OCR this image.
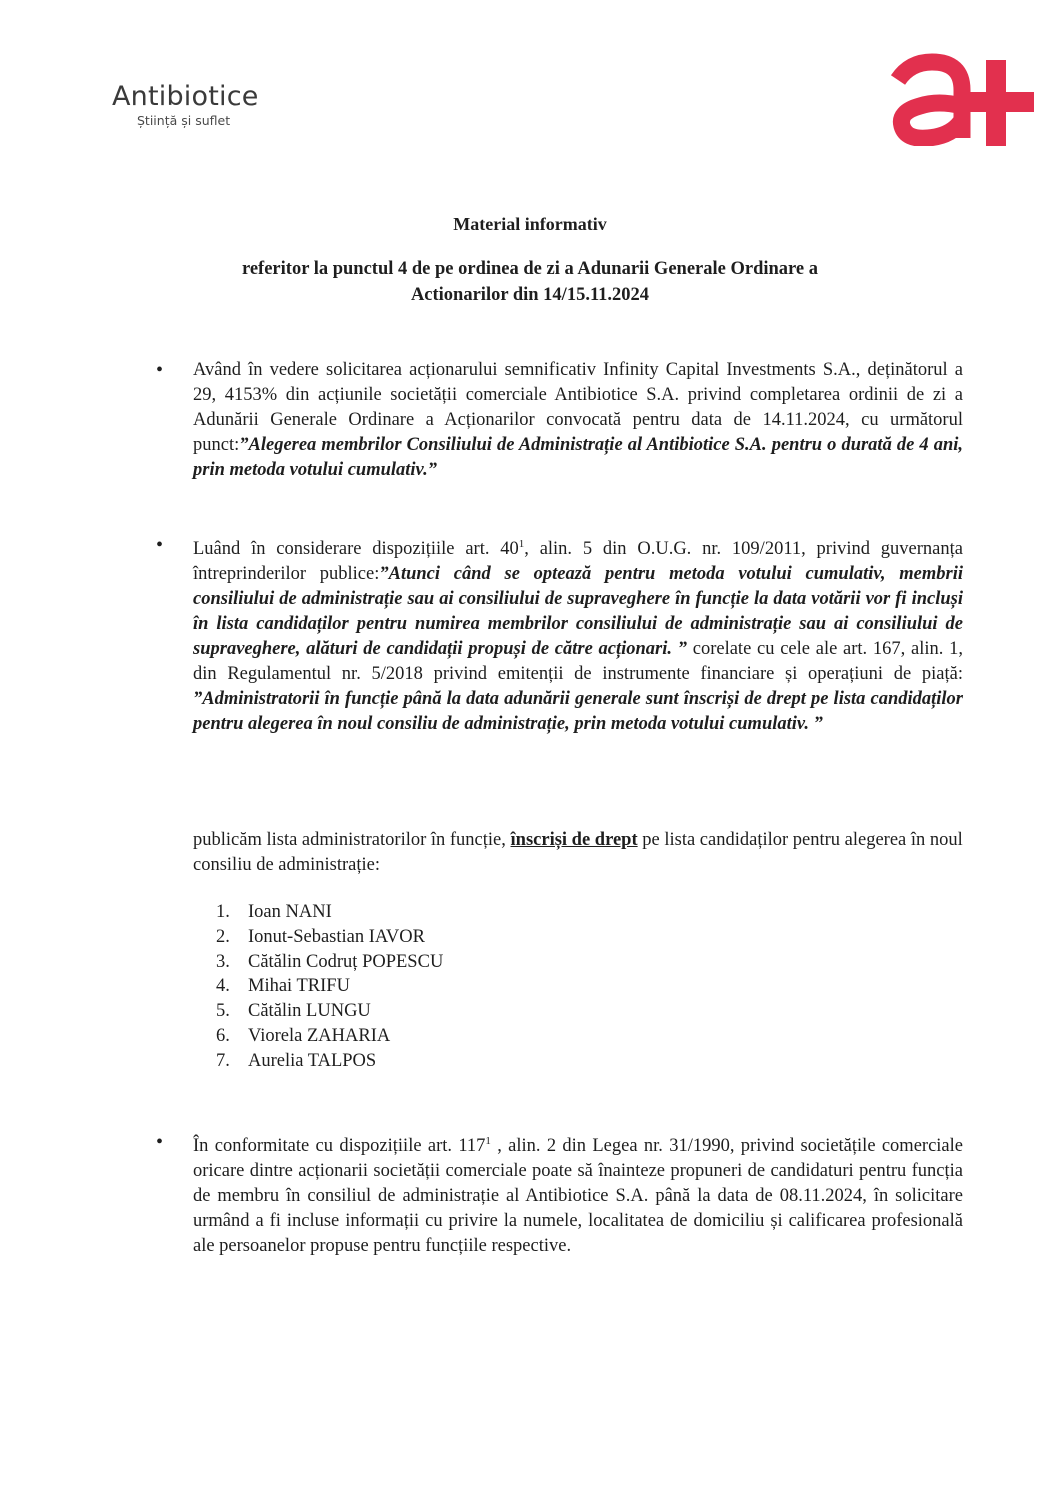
Antibiotice
Știință și suflet
Material informativ
referitor la punctul 4 de pe ordinea de zi a Adunarii Generale Ordinare a
Actionarilor din 14/15.11.2024
• Având în vedere solicitarea acționarului semnificativ Infinity Capital Investments S.A., deținătorul a 29, 4153% din acțiunile societății comerciale Antibiotice S.A. privind completarea ordinii de zi a Adunării Generale Ordinare a Acționarilor convocată pentru data de 14.11.2024, cu următorul punct:”Alegerea membrilor Consiliului de Administrație al Antibiotice S.A. pentru o durată de 4 ani, prin metoda votului cumulativ.”
• Luând în considerare dispozițiile art. $40^1$, alin. 5 din O.U.G. nr. 109/2011, privind guvernanța întreprinderilor publice:”Atunci când se optează pentru metoda votului cumulativ, membrii consiliului de administrație sau ai consiliului de supraveghere în funcție la data votării vor fi incluși în lista candidaților pentru numirea membrilor consiliului de administrație sau ai consiliului de supraveghere, alături de candidații propuși de către acționari. ” corelate cu cele ale art. 167, alin. 1, din Regulamentul nr. 5/2018 privind emitenții de instrumente financiare și operațiuni de piață: ”Administratorii în funcție până la data adunării generale sunt înscriși de drept pe lista candidaților pentru alegerea în noul consiliu de administrație, prin metoda votului cumulativ. ”
publicăm lista administratorilor în funcție, înscriși de drept pe lista candidaților pentru alegerea în noul consiliu de administrație:
1. Ioan NANI
2. Ionut-Sebastian IAVOR
3. Cătălin Codruț POPESCU
4. Mihai TRIFU
5. Cătălin LUNGU
6. Viorela ZAHARIA
7. Aurelia TALPOS
• În conformitate cu dispozițiile art. $117^1$ , alin. 2 din Legea nr. 31/1990, privind societățile comerciale oricare dintre acționarii societății comerciale poate să înainteze propuneri de candidaturi pentru funcția de membru în consiliul de administrație al Antibiotice S.A. până la data de 08.11.2024, în solicitare urmând a fi incluse informații cu privire la numele, localitatea de domiciliu și calificarea profesională ale persoanelor propuse pentru funcțiile respective.
